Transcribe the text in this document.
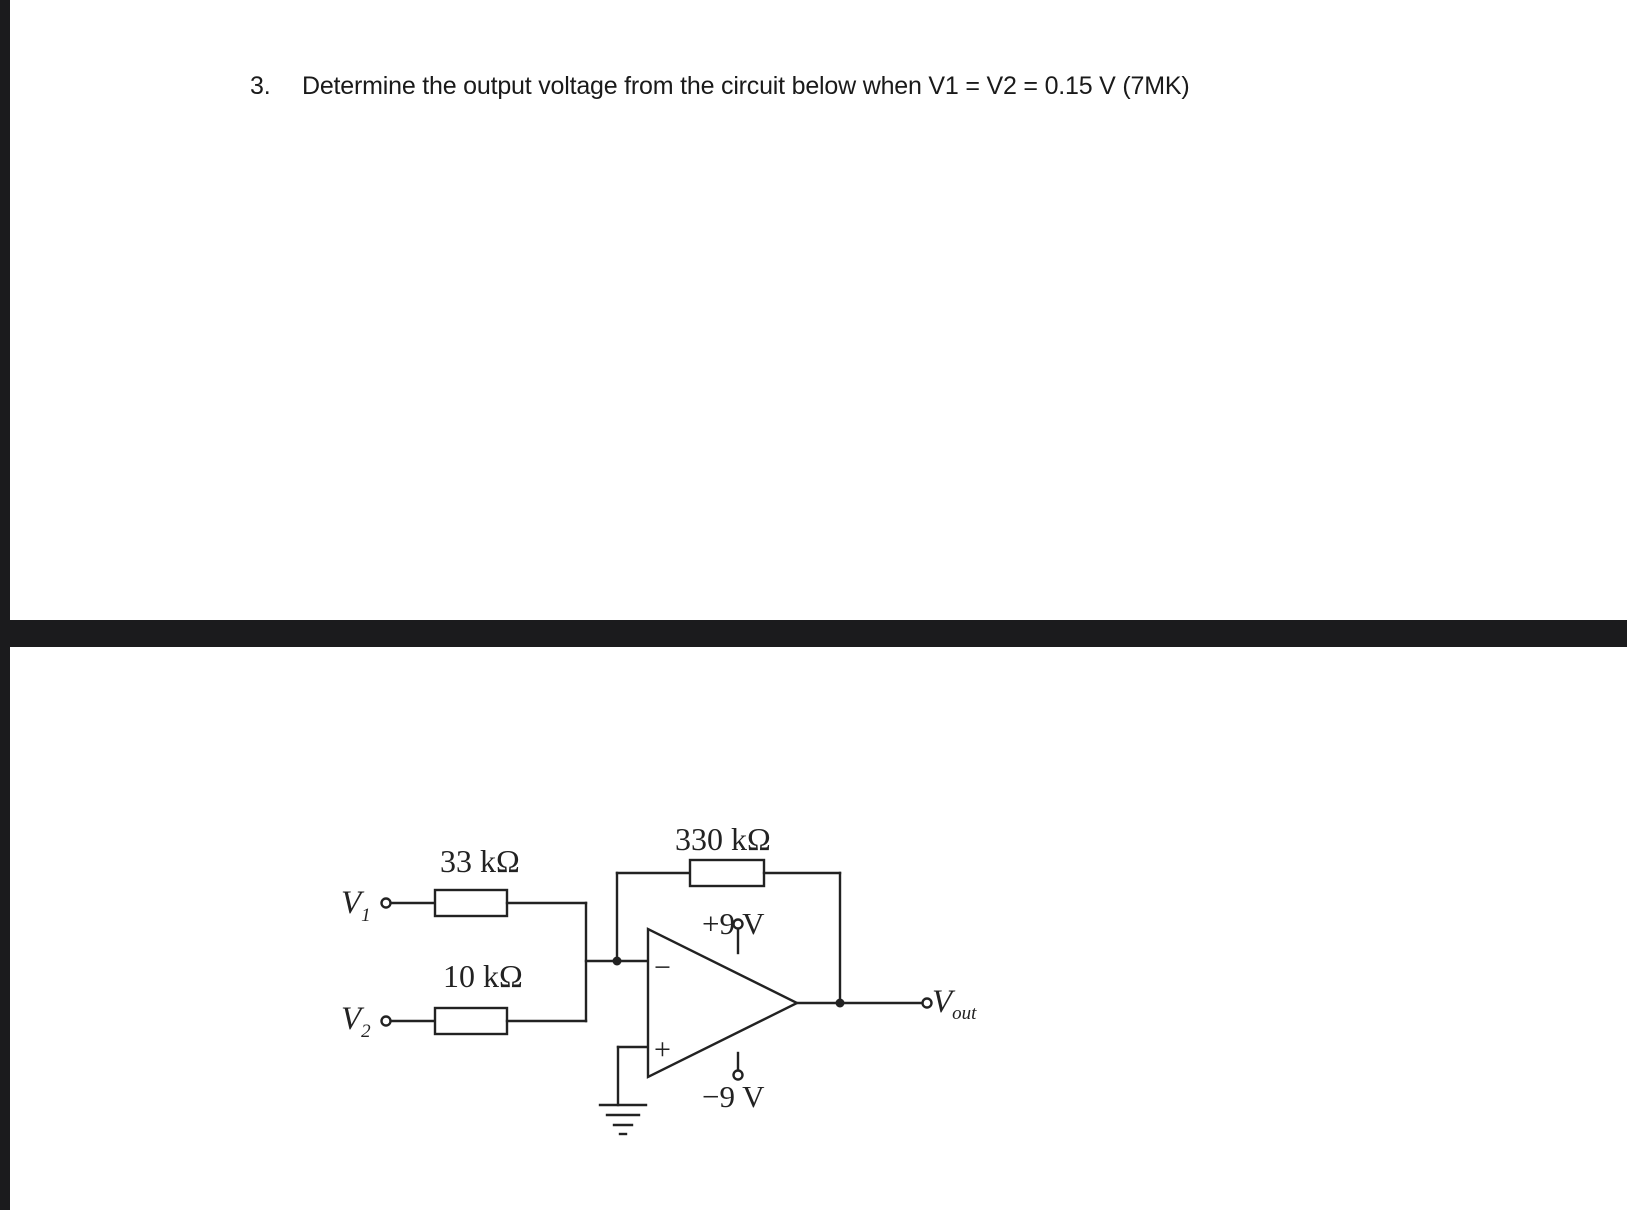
3. Determine the output voltage from the circuit below when V1 = V2 = 0.15 V (7MK)
33 kΩ
10 kΩ
330 kΩ
$V_1$
$V_2$
$V_{out}$
+9 V
−9 V
−
+
